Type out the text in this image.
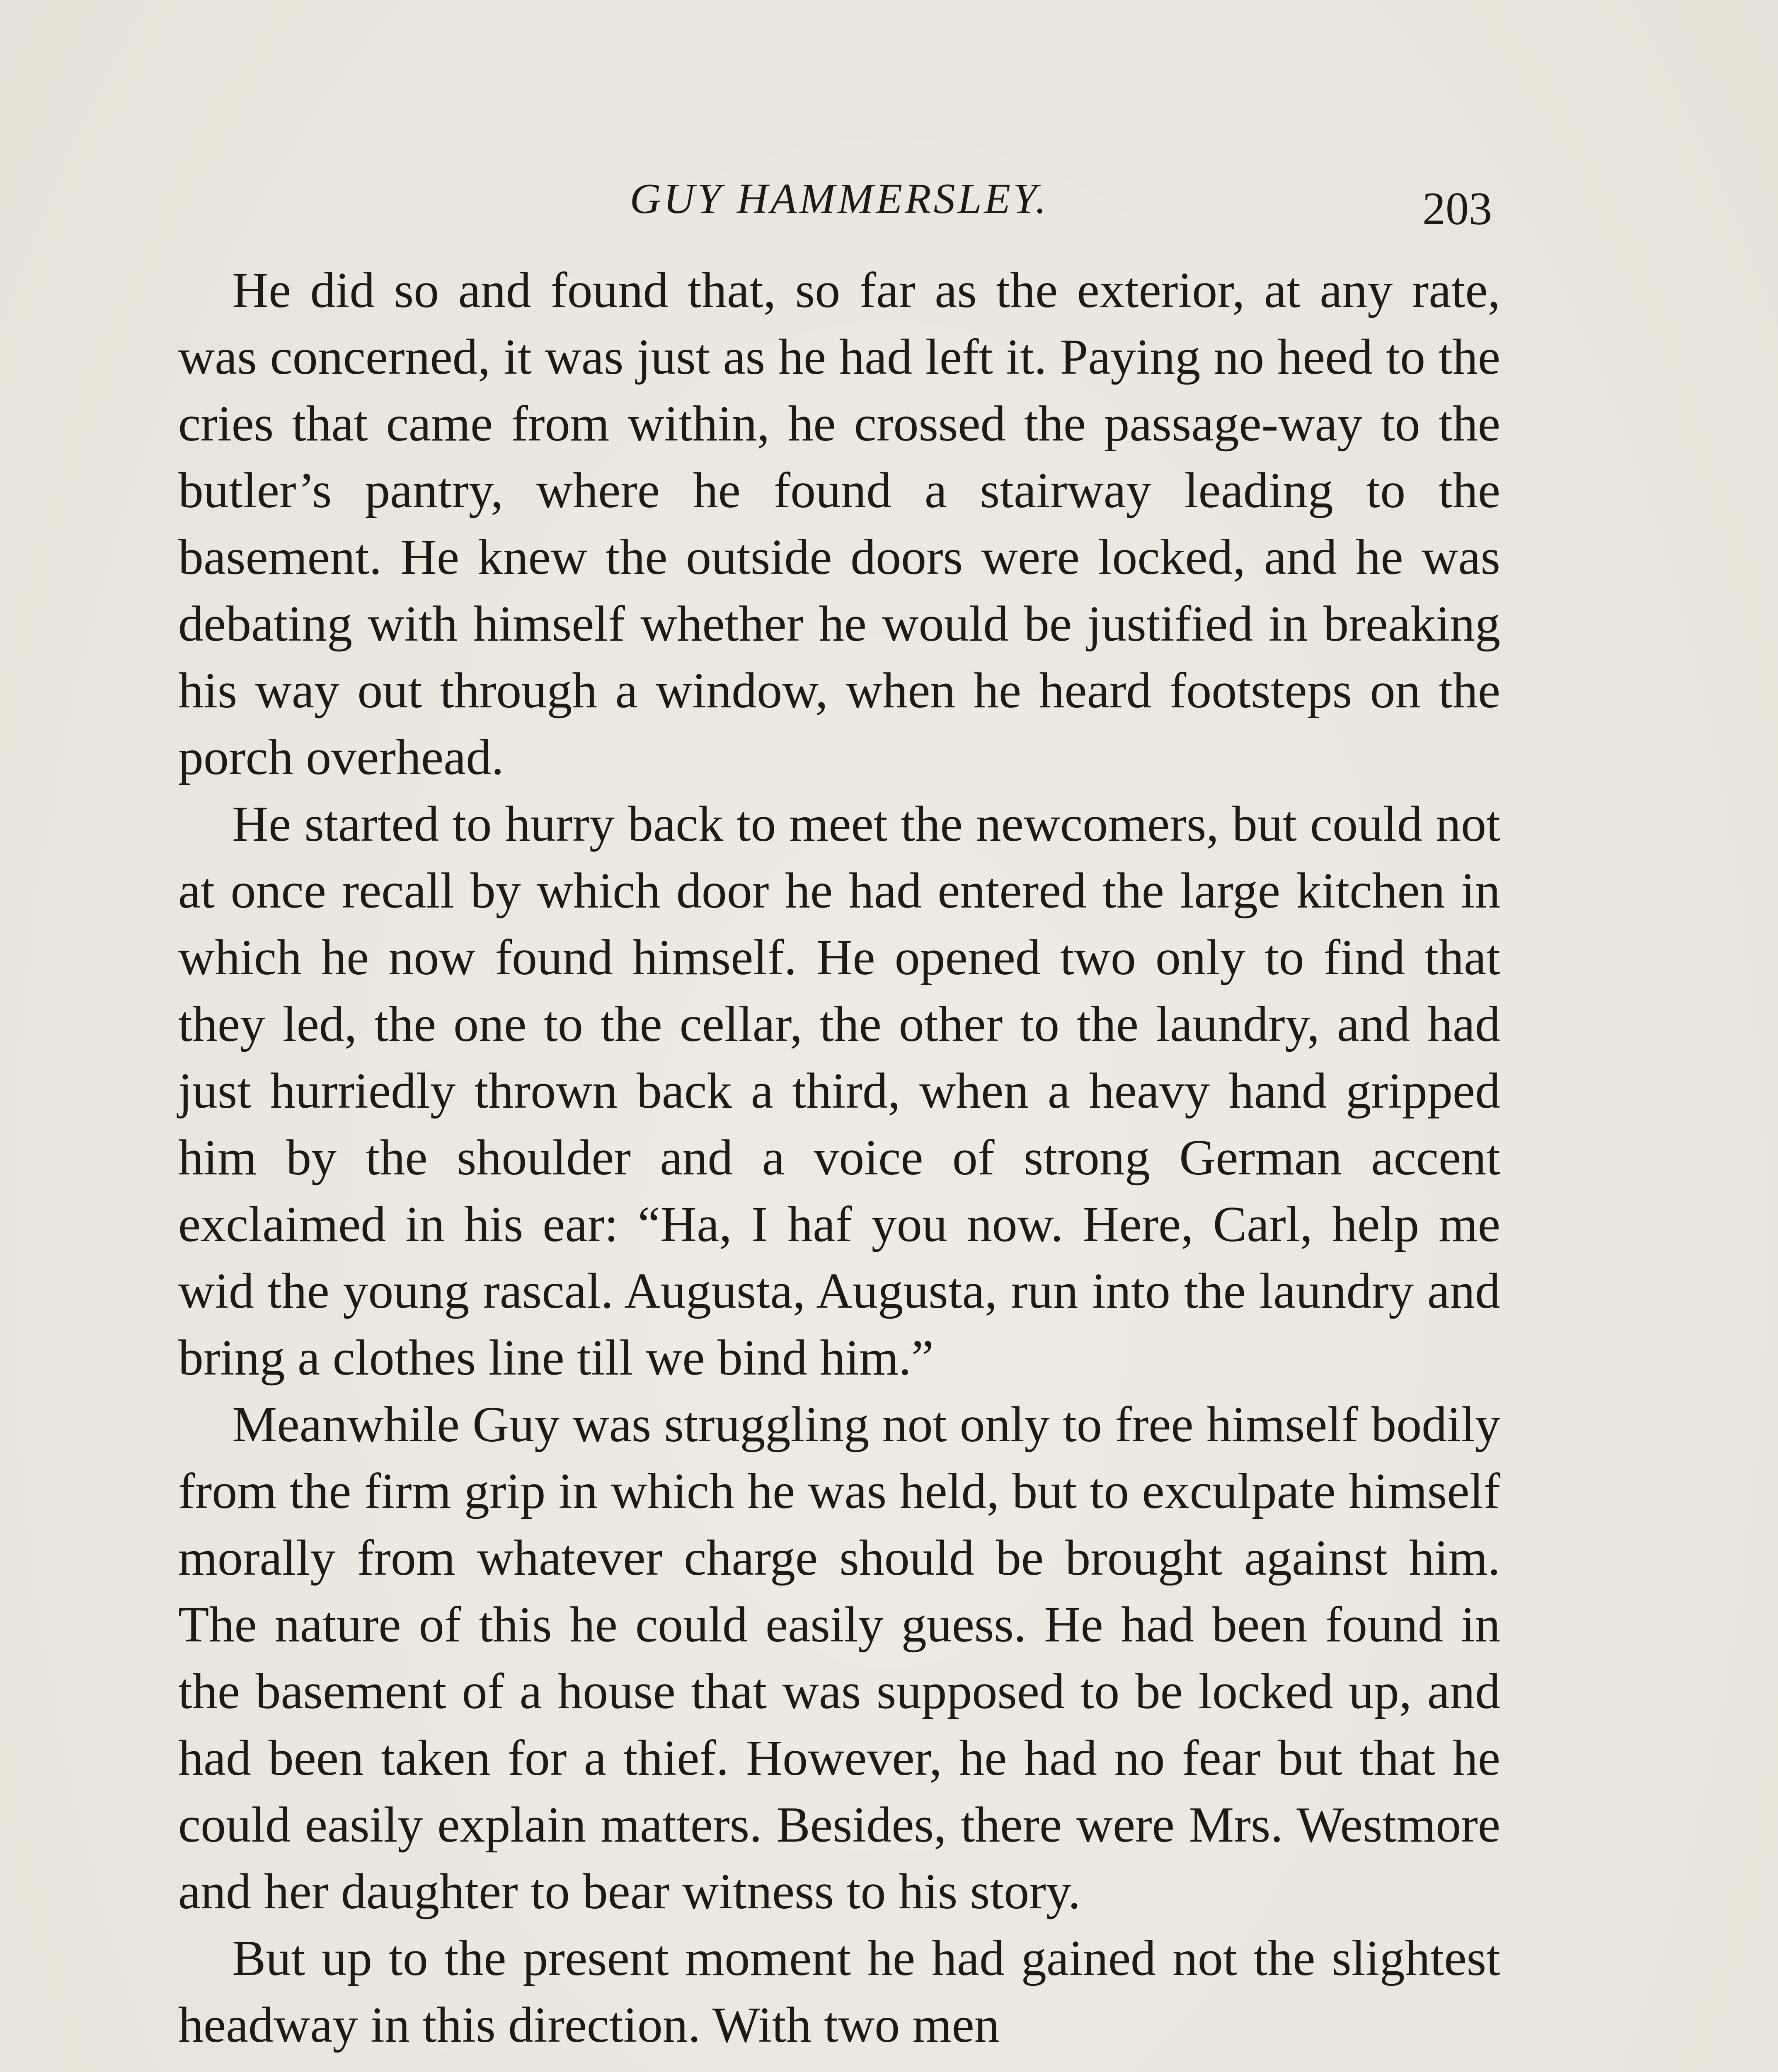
GUY HAMMERSLEY.	203

He did so and found that, so far as the exterior, at any rate, was concerned, it was just as he had left it. Paying no heed to the cries that came from within, he crossed the passage-way to the butler’s pantry, where he found a stairway leading to the basement. He knew the outside doors were locked, and he was debating with himself whether he would be justified in breaking his way out through a window, when he heard footsteps on the porch overhead.

He started to hurry back to meet the newcomers, but could not at once recall by which door he had entered the large kitchen in which he now found himself. He opened two only to find that they led, the one to the cellar, the other to the laundry, and had just hurriedly thrown back a third, when a heavy hand gripped him by the shoulder and a voice of strong German accent exclaimed in his ear: “Ha, I haf you now. Here, Carl, help me wid the young rascal. Augusta, Augusta, run into the laundry and bring a clothes line till we bind him.”

Meanwhile Guy was struggling not only to free himself bodily from the firm grip in which he was held, but to exculpate himself morally from whatever charge should be brought against him. The nature of this he could easily guess. He had been found in the basement of a house that was supposed to be locked up, and had been taken for a thief. However, he had no fear but that he could easily explain matters. Besides, there were Mrs. Westmore and her daughter to bear witness to his story.

But up to the present moment he had gained not the slightest headway in this direction. With two men
